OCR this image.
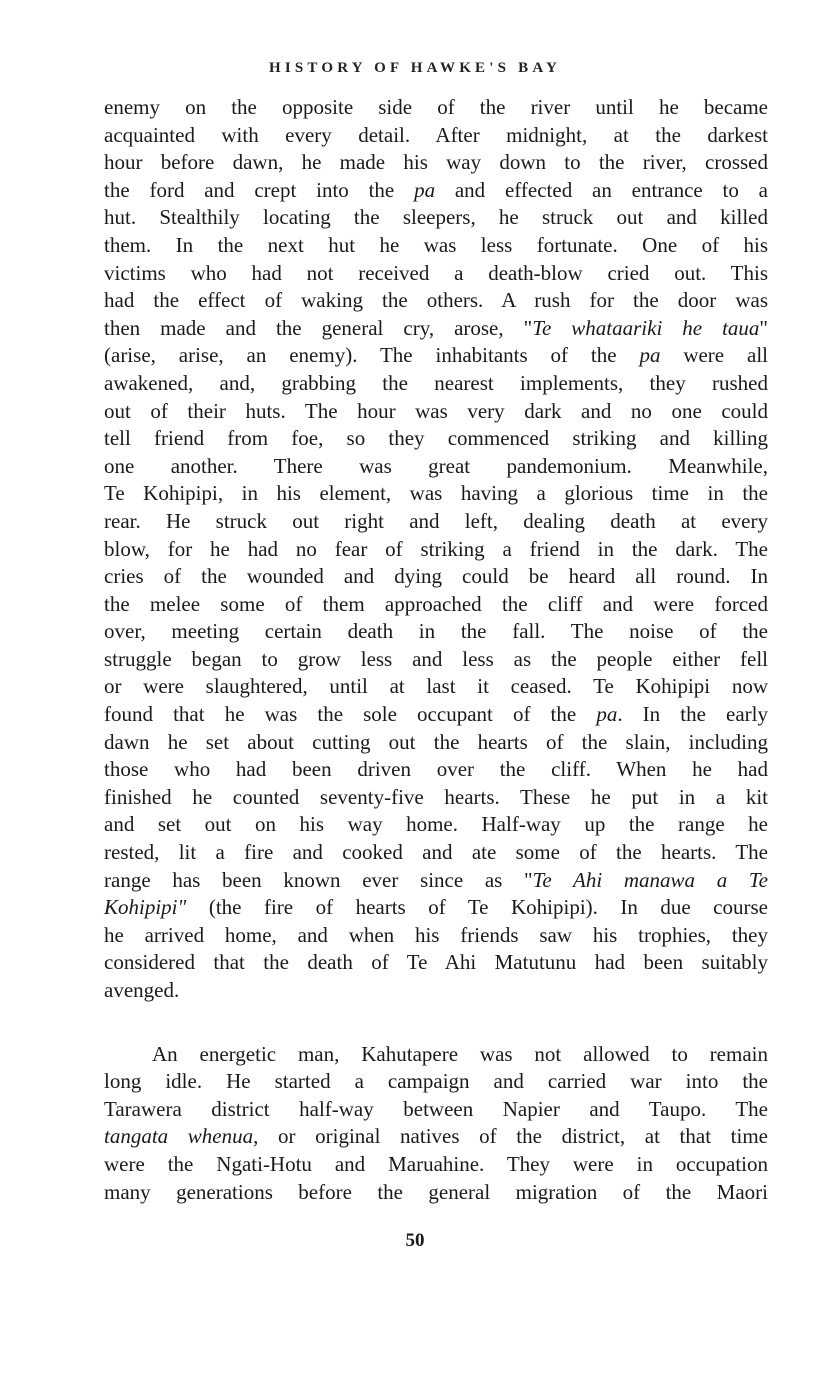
HISTORY OF HAWKE'S BAY
enemy on the opposite side of the river until he became
acquainted with every detail. After midnight, at the darkest
hour before dawn, he made his way down to the river, crossed
the ford and crept into the pa and effected an entrance to a
hut. Stealthily locating the sleepers, he struck out and killed
them. In the next hut he was less fortunate. One of his
victims who had not received a death-blow cried out. This
had the effect of waking the others. A rush for the door was
then made and the general cry, arose, "Te whataariki he taua"
(arise, arise, an enemy). The inhabitants of the pa were all
awakened, and, grabbing the nearest implements, they rushed
out of their huts. The hour was very dark and no one could
tell friend from foe, so they commenced striking and killing
one another. There was great pandemonium. Meanwhile,
Te Kohipipi, in his element, was having a glorious time in the
rear. He struck out right and left, dealing death at every
blow, for he had no fear of striking a friend in the dark. The
cries of the wounded and dying could be heard all round. In
the melee some of them approached the cliff and were forced
over, meeting certain death in the fall. The noise of the
struggle began to grow less and less as the people either fell
or were slaughtered, until at last it ceased. Te Kohipipi now
found that he was the sole occupant of the pa. In the early
dawn he set about cutting out the hearts of the slain, including
those who had been driven over the cliff. When he had
finished he counted seventy-five hearts. These he put in a kit
and set out on his way home. Half-way up the range he
rested, lit a fire and cooked and ate some of the hearts. The
range has been known ever since as "Te Ahi manawa a Te
Kohipipi" (the fire of hearts of Te Kohipipi). In due course
he arrived home, and when his friends saw his trophies, they
considered that the death of Te Ahi Matutunu had been suitably
avenged.
An energetic man, Kahutapere was not allowed to remain
long idle. He started a campaign and carried war into the
Tarawera district half-way between Napier and Taupo. The
tangata whenua, or original natives of the district, at that time
were the Ngati-Hotu and Maruahine. They were in occupation
many generations before the general migration of the Maori
50
